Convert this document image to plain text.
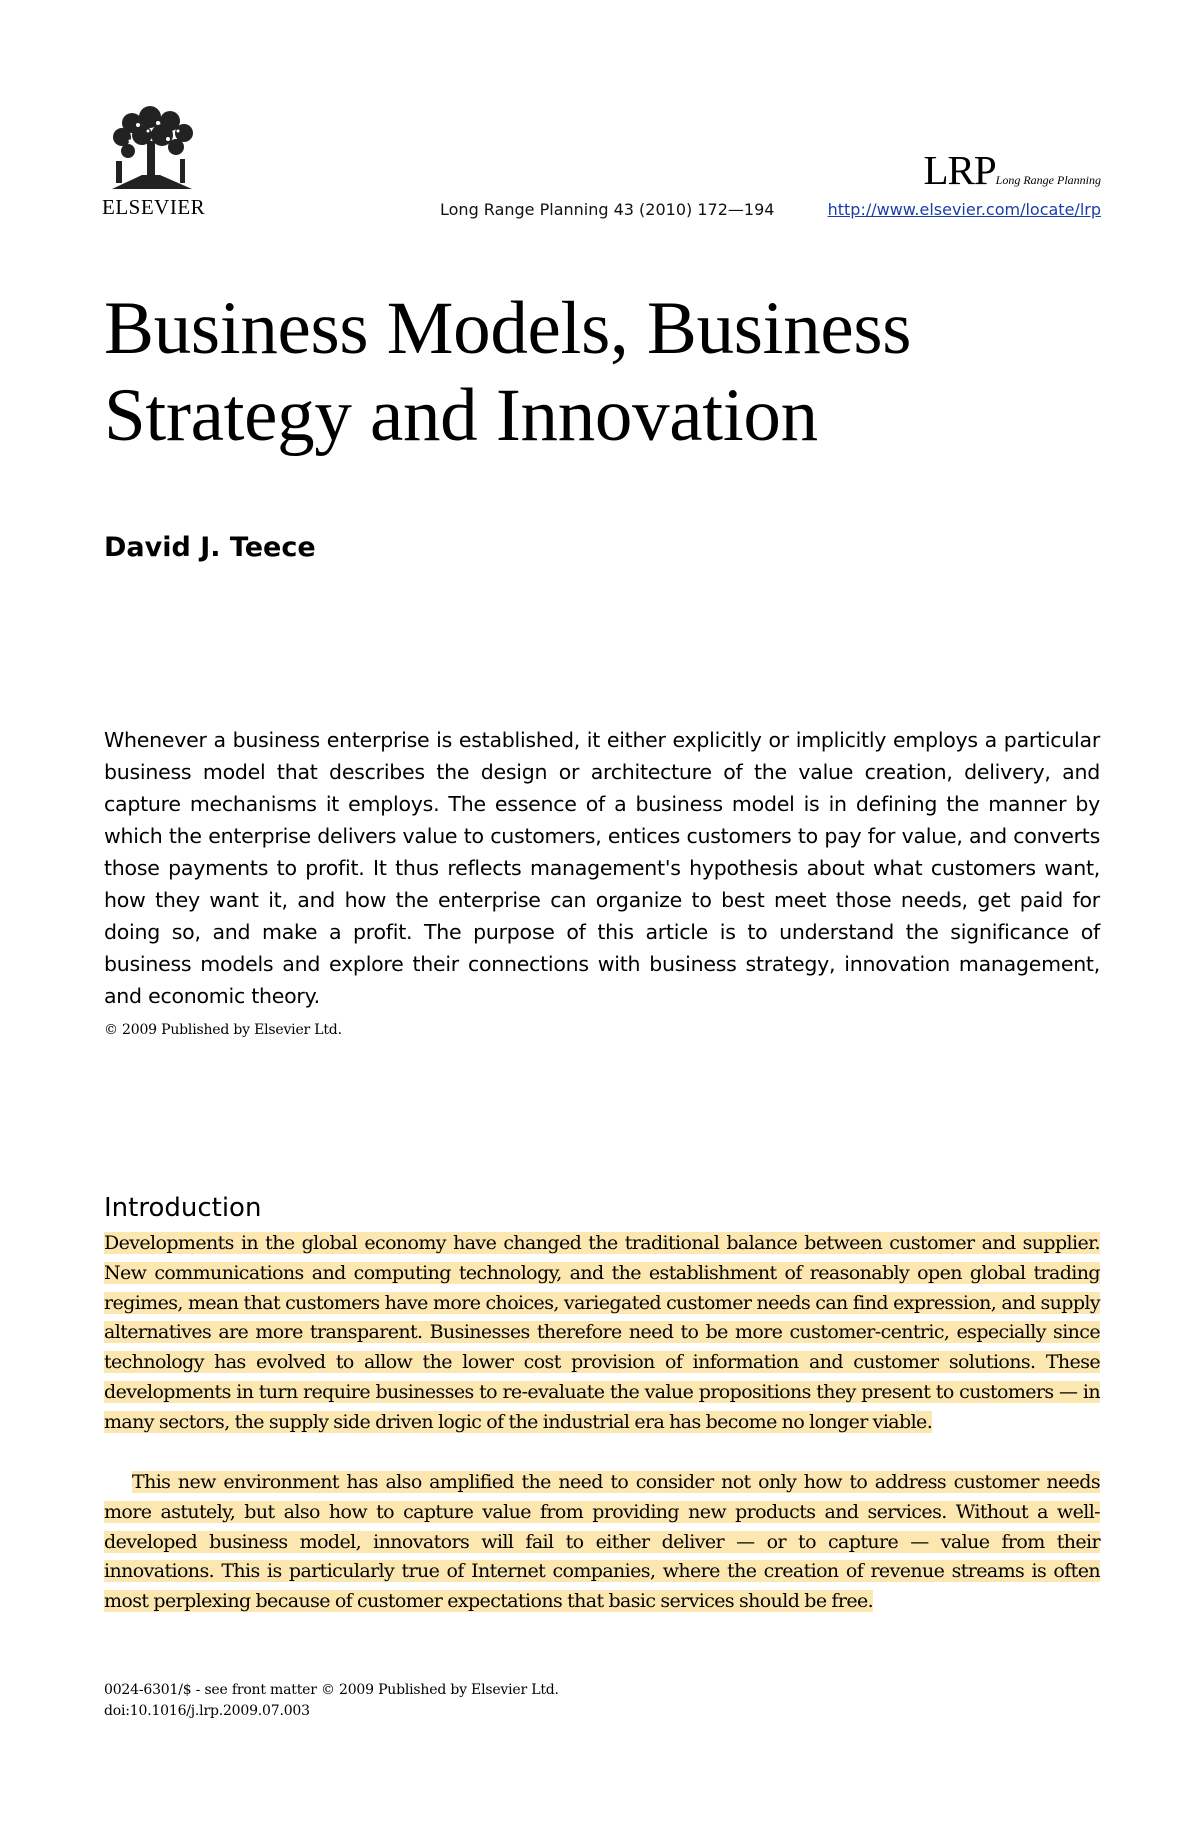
ELSEVIER	Long Range Planning 43 (2010) 172—194
LRPLong Range Planning
http://www.elsevier.com/locate/lrp
Business Models, Business Strategy and Innovation
David J. Teece

Whenever a business enterprise is established, it either explicitly or implicitly employs a particular business model that describes the design or architecture of the value creation, delivery, and capture mechanisms it employs. The essence of a business model is in defining the manner by which the enterprise delivers value to customers, entices customers to pay for value, and converts those payments to profit. It thus reflects management's hypothesis about what customers want, how they want it, and how the enterprise can organize to best meet those needs, get paid for doing so, and make a profit. The purpose of this article is to understand the significance of business models and explore their connections with business strategy, innovation management, and economic theory.

© 2009 Published by Elsevier Ltd.
Introduction

Developments in the global economy have changed the traditional balance between customer and supplier. New communications and computing technology, and the establishment of reasonably open global trading regimes, mean that customers have more choices, variegated customer needs can find expression, and supply alternatives are more transparent. Businesses therefore need to be more customer-centric, especially since technology has evolved to allow the lower cost provision of information and customer solutions. These developments in turn require businesses to re-evaluate the value propositions they present to customers — in many sectors, the supply side driven logic of the industrial era has become no longer viable.

This new environment has also amplified the need to consider not only how to address customer needs more astutely, but also how to capture value from providing new products and services. Without a well-developed business model, innovators will fail to either deliver — or to capture — value from their innovations. This is particularly true of Internet companies, where the creation of revenue streams is often most perplexing because of customer expectations that basic services should be free.

0024-6301/$ - see front matter © 2009 Published by Elsevier Ltd.
doi:10.1016/j.lrp.2009.07.003
